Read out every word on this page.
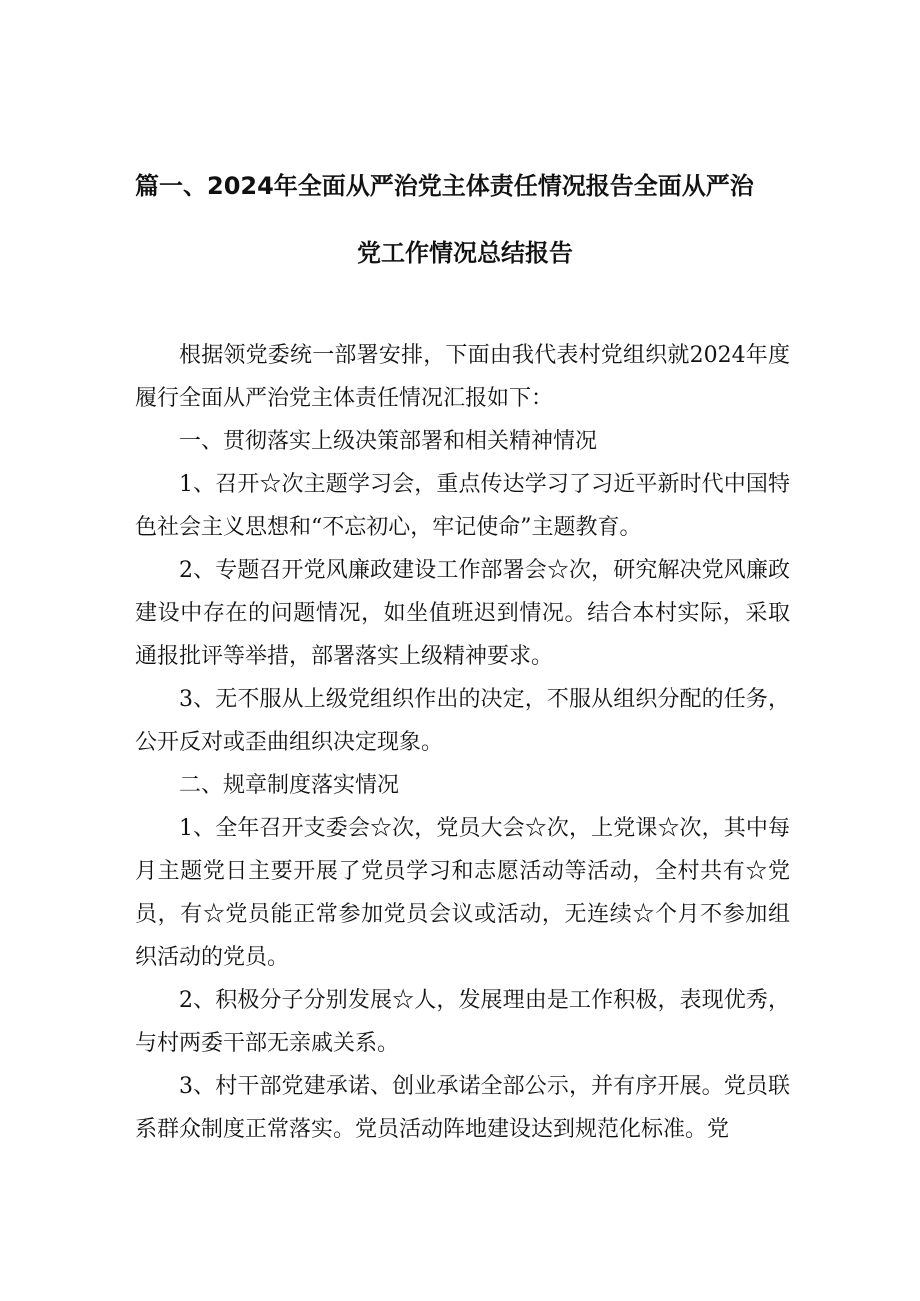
篇一、2024年全面从严治党主体责任情况报告全面从严治
党工作情况总结报告

根据领党委统一部署安排，下面由我代表村党组织就2024年度履行全面从严治党主体责任情况汇报如下：

一、贯彻落实上级决策部署和相关精神情况

1、召开☆次主题学习会，重点传达学习了习近平新时代中国特色社会主义思想和“不忘初心，牢记使命”主题教育。

2、专题召开党风廉政建设工作部署会☆次，研究解决党风廉政建设中存在的问题情况，如坐值班迟到情况。结合本村实际，采取通报批评等举措，部署落实上级精神要求。

3、无不服从上级党组织作出的决定，不服从组织分配的任务，公开反对或歪曲组织决定现象。

二、规章制度落实情况

1、全年召开支委会☆次，党员大会☆次，上党课☆次，其中每月主题党日主要开展了党员学习和志愿活动等活动，全村共有☆党员，有☆党员能正常参加党员会议或活动，无连续☆个月不参加组织活动的党员。

2、积极分子分别发展☆人，发展理由是工作积极，表现优秀，与村两委干部无亲戚关系。

3、村干部党建承诺、创业承诺全部公示，并有序开展。党员联系群众制度正常落实。党员活动阵地建设达到规范化标准。党
